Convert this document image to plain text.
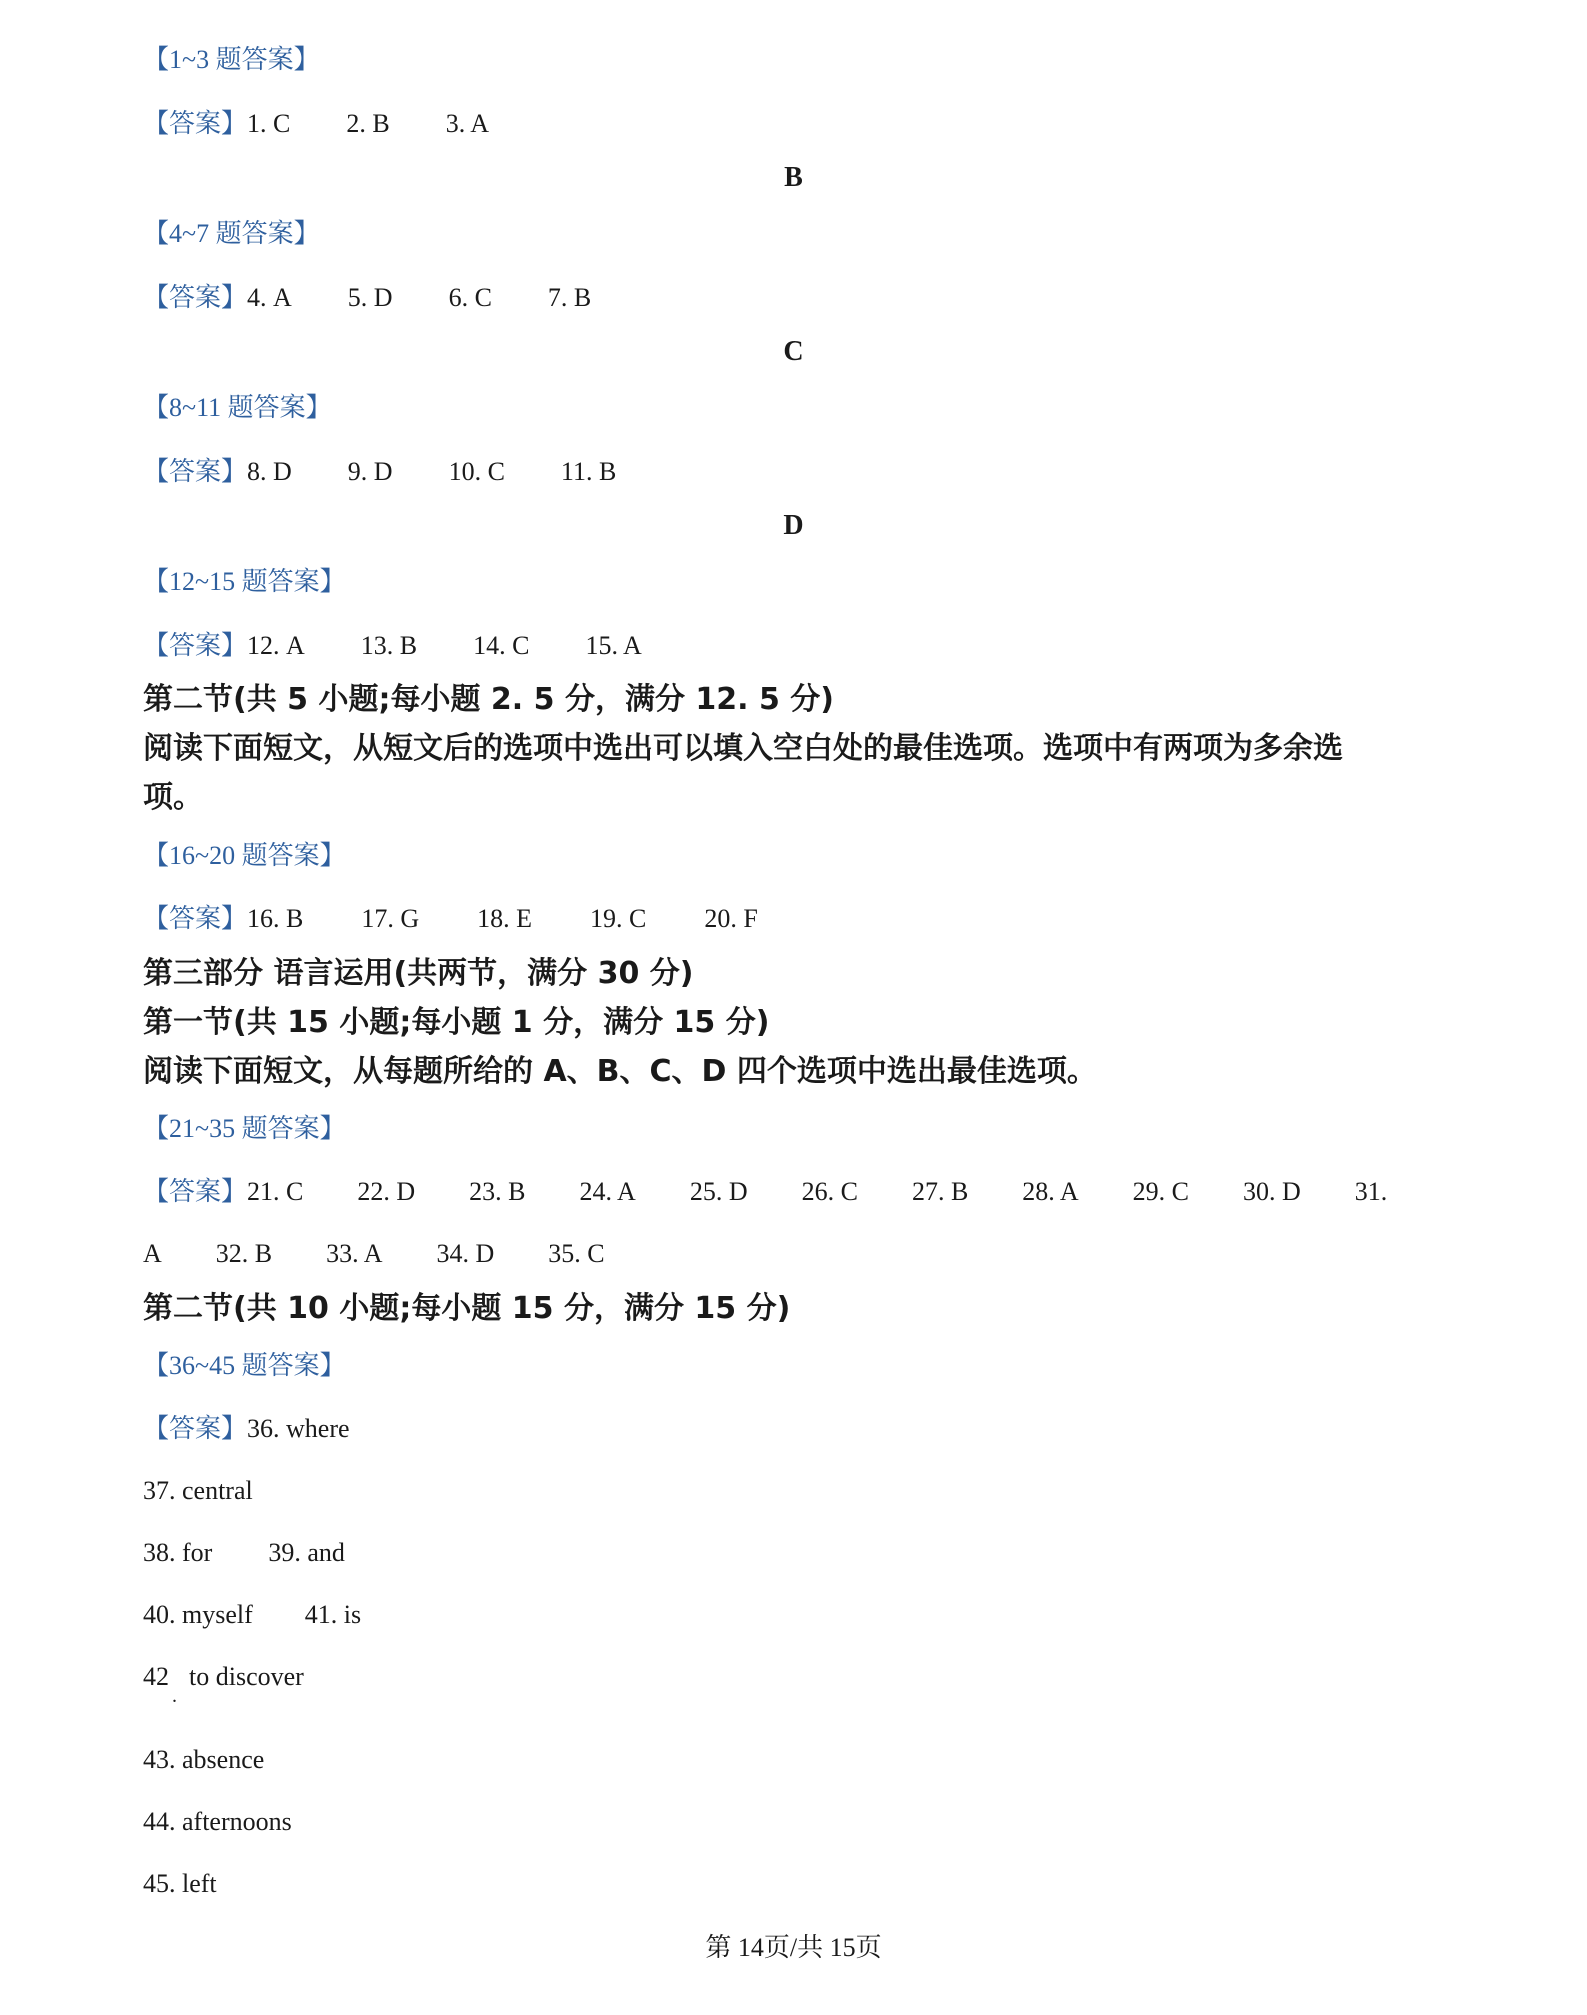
【1~3 题答案】
【答案】1. C 2. B 3. A
B
【4~7 题答案】
【答案】4. A 5. D 6. C 7. B
C
【8~11 题答案】
【答案】8. D 9. D 10. C 11. B
D
【12~15 题答案】
【答案】12. A 13. B 14. C 15. A
第二节(共 5 小题;每小题 2. 5 分，满分 12. 5 分)
阅读下面短文，从短文后的选项中选出可以填入空白处的最佳选项。选项中有两项为多余选
项。
【16~20 题答案】
【答案】16. B 17. G 18. E 19. C 20. F
第三部分 语言运用(共两节，满分 30 分)
第一节(共 15 小题;每小题 1 分，满分 15 分)
阅读下面短文，从每题所给的 A、B、C、D 四个选项中选出最佳选项。
【21~35 题答案】
【答案】21. C 22. D 23. B 24. A 25. D 26. C 27. B 28. A 29. C 30. D 31.
A 32. B 33. A 34. D 35. C
第二节(共 10 小题;每小题 15 分，满分 15 分)
【36~45 题答案】
【答案】36. where
37. central
38. for 39. and
40. myself 41. is
42 to discover
.
43. absence
44. afternoons
45. left
第 14页/共 15页
